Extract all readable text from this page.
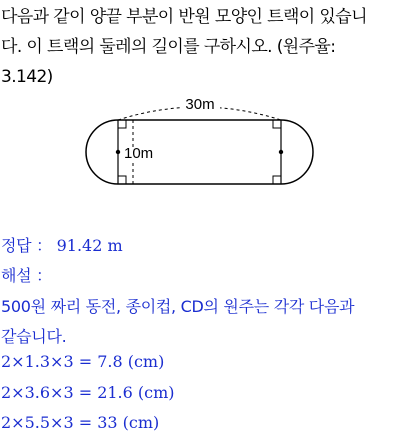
다음과 같이 양끝 부분이 반원 모양인 트랙이 있습니
다. 이 트랙의 둘레의 길이를 구하시오. (원주율:
3.142)
30m
10m
정답 ： 91.42 m
해설 ：
500원 짜리 동전, 종이컵, CD의 원주는 각각 다음과
같습니다.
2×1.3×3 = 7.8 (cm)
2×3.6×3 = 21.6 (cm)
2×5.5×3 = 33 (cm)
